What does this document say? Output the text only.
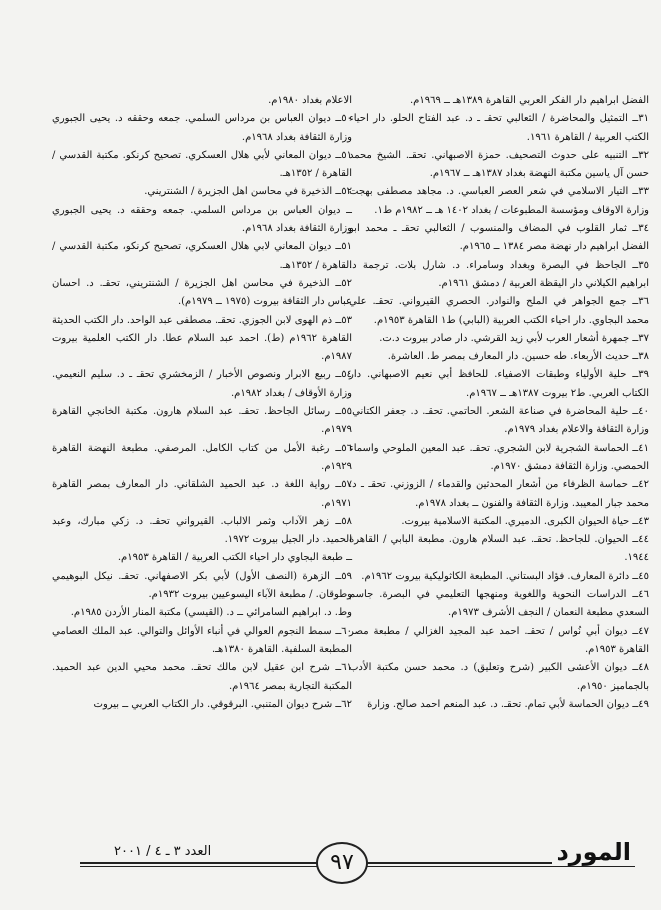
الفضل ابراهيم دار الفكر العربي القاهرة ١٣٨٩هـ ــ ١٩٦٩م.
٣١ــ التمثيل والمحاضرة / الثعالبي تحقـ ـ د. عبد الفتاح الحلو. دار احياء الكتب العربية / القاهرة ١٩٦١.
٣٢ــ التنبيه على حدوث التصحيف. حمزة الاصبهاني. تحقـ. الشيخ محمد حسن آل ياسين مكتبة النهضة بغداد ١٣٨٧هـ ــ ١٩٦٧م.
٣٣ــ التيار الاسلامي في شعر العصر العباسي. د. مجاهد مصطفى بهجت وزارة الاوقاف ومؤسسة المطبوعات / بغداد ١٤٠٢ هـ ــ ١٩٨٢م ط١.
٣٤ــ ثمار القلوب في المضاف والمنسوب / الثعالبي تحقـ ـ محمد ابو الفضل ابراهيم دار نهضة مصر ١٣٨٤ ــ ١٩٦٥م.
٣٥ــ الجاحظ في البصرة وبغداد وسامراء. د. شارل بلات. ترجمة د. ابراهيم الكيلاني دار اليقظة العربية / دمشق ١٩٦١م.
٣٦ــ جمع الجواهر في الملح والنوادر. الحصري القيرواني. تحقـ. علي محمد البجاوي. دار احياء الكتب العربية (البابي) ط١ القاهرة ١٩٥٣م.
٣٧ــ جمهرة أشعار العرب لأبي زيد القرشي. دار صادر بيروت د.ت.
٣٨ــ حديث الأربعاء. طه حسين. دار المعارف بمصر ط. العاشرة.
٣٩ــ حلية الأولياء وطبقات الاصفياء. للحافظ أبي نعيم الاصبهاني. دار الكتاب العربي. ط٢ بيروت ١٣٨٧هـ ــ ١٩٦٧م.
٤٠ــ حلية المحاضرة في صناعة الشعر. الحاتمي. تحقـ. د. جعفر الكتاني. وزارة الثقافة والاعلام بغداد ١٩٧٩م.
٤١ــ الحماسة الشجرية لابن الشجري. تحقـ. عبد المعين الملوحي واسماء الحمصي. وزارة الثقافة دمشق ١٩٧٠م.
٤٢ــ حماسة الظرفاء من أشعار المحدثين والقدماء / الزوزني. تحقـ ـ د. محمد جبار المعيبد. وزارة الثقافة والفنون ــ بغداد ١٩٧٨م.
٤٣ــ حياة الحيوان الكبرى. الدميري. المكتبة الاسلامية بيروت.
٤٤ــ الحيوان. للجاحظ. تحقـ. عبد السلام هارون. مطبعة البابي / القاهرة ١٩٤٤.
٤٥ــ دائرة المعارف. فؤاد البستاني. المطبعة الكاثوليكية بيروت ١٩٦٢م.
٤٦ــ الدراسات النحوية واللغوية ومنهجها التعليمي في البصرة. جاسم السعدي مطبعة النعمان / النجف الأشرف ١٩٧٣م.
٤٧ــ ديوان أبي نُواس / تحقـ. احمد عبد المجيد الغزالي / مطبعة مصر القاهرة ١٩٥٣م.
٤٨ــ ديوان الأعشى الكبير (شرح وتعليق) د. محمد حسن مكتبة الأدب بالجماميز ١٩٥٠م.
٤٩ــ ديوان الحماسة لأبي تمام. تحقـ. د. عبد المنعم احمد صالح. وزارة
الاعلام بغداد ١٩٨٠م.
٥٠ــ ديوان العباس بن مرداس السلمي. جمعه وحققه د. يحيى الجبوري وزارة الثقافة بغداد ١٩٦٨م.
٥١ــ ديوان المعاني لأبي هلال العسكري. تصحيح كرنكو. مكتبة القدسي / القاهرة / ١٣٥٢هـ.
٥٢ــ الذخيرة في محاسن اهل الجزيرة / الشنتريني.
ــ ديوان العباس بن مرداس السلمي. جمعه وحققه د. يحيى الجبوري وزارة الثقافة بغداد ١٩٦٨م.
٥١ــ ديوان المعاني لابي هلال العسكري، تصحيح كرنكو، مكتبة القدسي / القاهرة / ١٣٥٢هـ.
٥٢ــ الذخيرة في محاسن اهل الجزيرة / الشنتريني، تحقـ. د. احسان عباس دار الثقافة بيروت (١٩٧٥ ــ ١٩٧٩م).
٥٣ــ ذم الهوى لابن الجوزي. تحقـ. مصطفى عبد الواحد. دار الكتب الحديثة القاهرة ١٩٦٢م (ط). احمد عبد السلام عطا. دار الكتب العلمية بيروت ١٩٨٧م.
٥٤ــ ربيع الابرار ونصوص الأخبار / الزمخشري تحقـ ـ د. سليم النعيمي. وزارة الأوقاف / بغداد ١٩٨٢م.
٥٥ــ رسائل الجاحظ. تحقـ. عبد السلام هارون. مكتبة الخانجي القاهرة ١٩٧٩م.
٥٦ــ رغبة الأمل من كتاب الكامل. المرصفي. مطبعة النهضة القاهرة ١٩٢٩م.
٥٧ــ رواية اللغة د. عبد الحميد الشلقاني. دار المعارف بمصر القاهرة ١٩٧١م.
٥٨ــ زهر الآداب وثمر الالباب. القيرواني تحقـ. د. زكي مبارك، وعبد الحميد. دار الجيل بيروت ١٩٧٢.
ــ طبعة البجاوي دار احياء الكتب العربية / القاهرة ١٩٥٣م.
٥٩ــ الزهرة (النصف الأول) لأبي بكر الاصفهاني. تحقـ. نيكل البوهيمي وطوقان. / مطبعة الآباء اليسوعيين بيروت ١٩٣٢م.
وط. د. ابراهيم السامرائي ــ د. (القيسي) مكتبة المنار الأردن ١٩٨٥م.
٦٠ــ سمط النجوم العوالي في أنباء الأوائل والتوالي. عبد الملك العصامي المطبعة السلفية. القاهرة ١٣٨٠هـ.
٦١ــ شرح ابن عقيل لابن مالك تحقـ. محمد محيي الدين عبد الحميد. المكتبة التجارية بمصر ١٩٦٤م.
٦٢ــ شرح ديوان المتنبي. البرقوقي. دار الكتاب العربي ــ بيروت
العدد ٣ ـ ٤ / ٢٠٠١	٩٧	المورد
